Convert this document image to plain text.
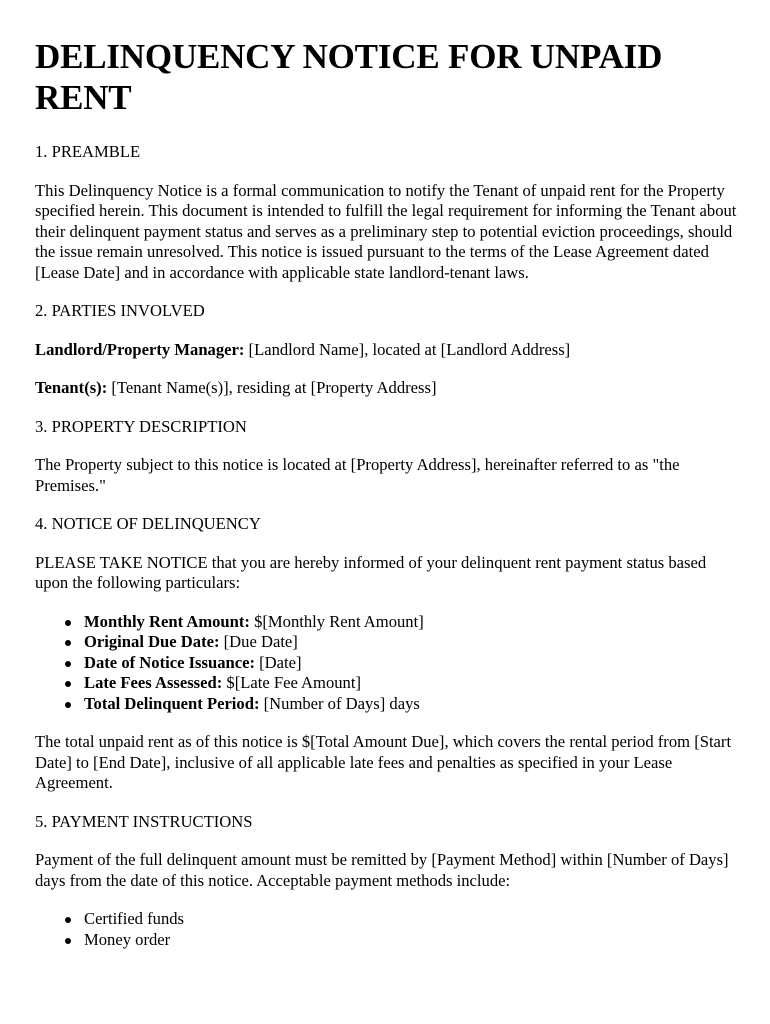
DELINQUENCY NOTICE FOR UNPAID RENT

1. PREAMBLE

This Delinquency Notice is a formal communication to notify the Tenant of unpaid rent for the Property specified herein. This document is intended to fulfill the legal requirement for informing the Tenant about their delinquent payment status and serves as a preliminary step to potential eviction proceedings, should the issue remain unresolved. This notice is issued pursuant to the terms of the Lease Agreement dated [Lease Date] and in accordance with applicable state landlord-tenant laws.

2. PARTIES INVOLVED

Landlord/Property Manager: [Landlord Name], located at [Landlord Address]

Tenant(s): [Tenant Name(s)], residing at [Property Address]

3. PROPERTY DESCRIPTION

The Property subject to this notice is located at [Property Address], hereinafter referred to as "the Premises."

4. NOTICE OF DELINQUENCY

PLEASE TAKE NOTICE that you are hereby informed of your delinquent rent payment status based upon the following particulars:

Monthly Rent Amount: $[Monthly Rent Amount]
Original Due Date: [Due Date]
Date of Notice Issuance: [Date]
Late Fees Assessed: $[Late Fee Amount]
Total Delinquent Period: [Number of Days] days

The total unpaid rent as of this notice is $[Total Amount Due], which covers the rental period from [Start Date] to [End Date], inclusive of all applicable late fees and penalties as specified in your Lease Agreement.

5. PAYMENT INSTRUCTIONS

Payment of the full delinquent amount must be remitted by [Payment Method] within [Number of Days] days from the date of this notice. Acceptable payment methods include:

Certified funds
Money order
